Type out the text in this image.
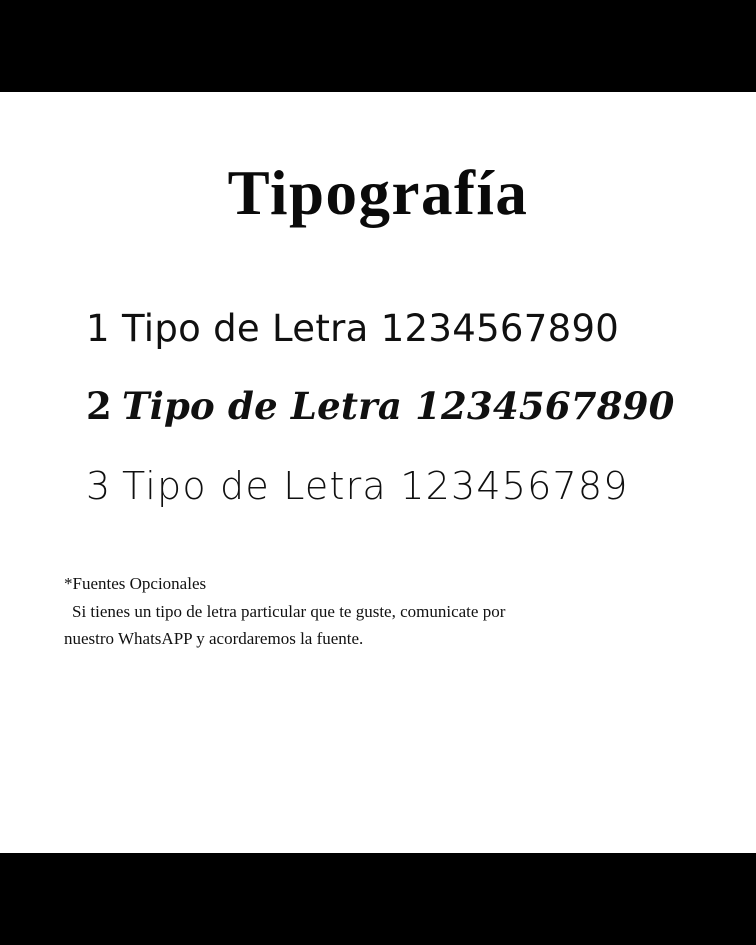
Tipografía
1 Tipo de Letra 1234567890
2 Tipo de Letra 1234567890
3 Tipo de Letra 123456789
*Fuentes Opcionales
Si tienes un tipo de letra particular que te guste, comunicate por
nuestro WhatsAPP y acordaremos la fuente.
